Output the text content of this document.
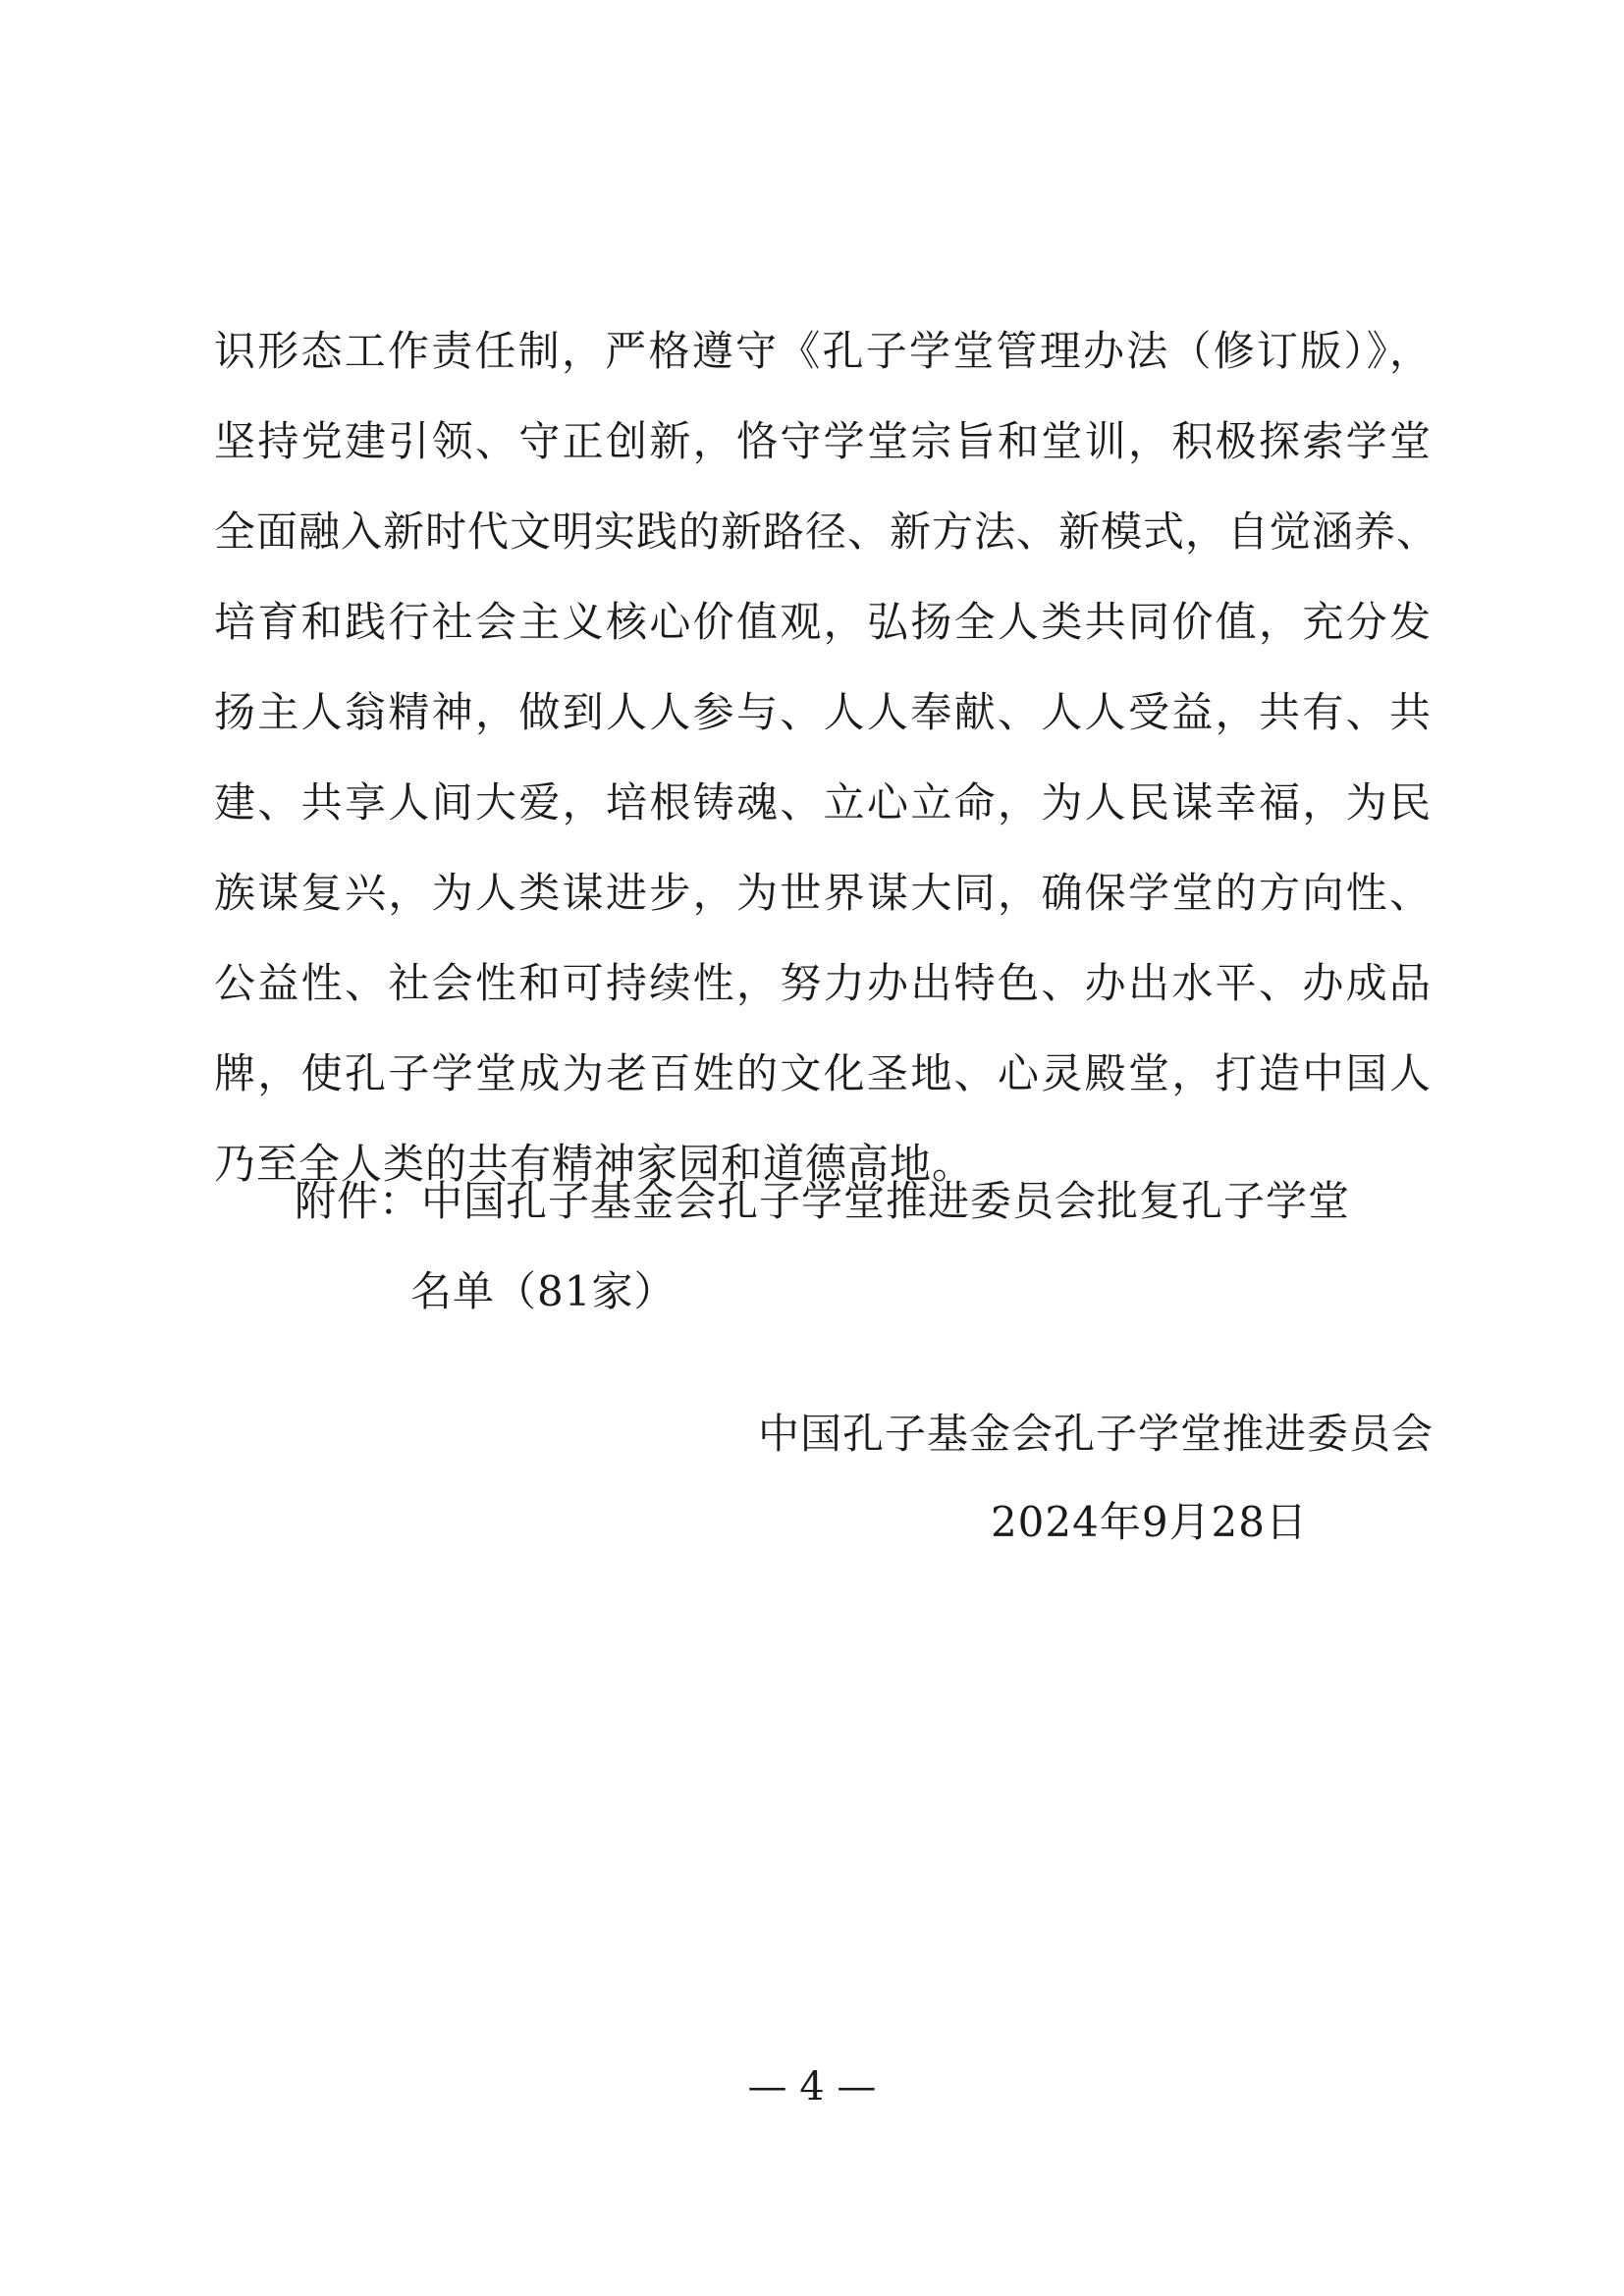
识形态工作责任制，严格遵守《孔子学堂管理办法（修订版）》，
坚持党建引领、守正创新，恪守学堂宗旨和堂训，积极探索学堂
全面融入新时代文明实践的新路径、新方法、新模式，自觉涵养、
培育和践行社会主义核心价值观，弘扬全人类共同价值，充分发
扬主人翁精神，做到人人参与、人人奉献、人人受益，共有、共
建、共享人间大爱，培根铸魂、立心立命，为人民谋幸福，为民
族谋复兴，为人类谋进步，为世界谋大同，确保学堂的方向性、
公益性、社会性和可持续性，努力办出特色、办出水平、办成品
牌，使孔子学堂成为老百姓的文化圣地、心灵殿堂，打造中国人
乃至全人类的共有精神家园和道德高地。
附件：中国孔子基金会孔子学堂推进委员会批复孔子学堂
名单（81家）
中国孔子基金会孔子学堂推进委员会
2024年9月28日
— 4 —
